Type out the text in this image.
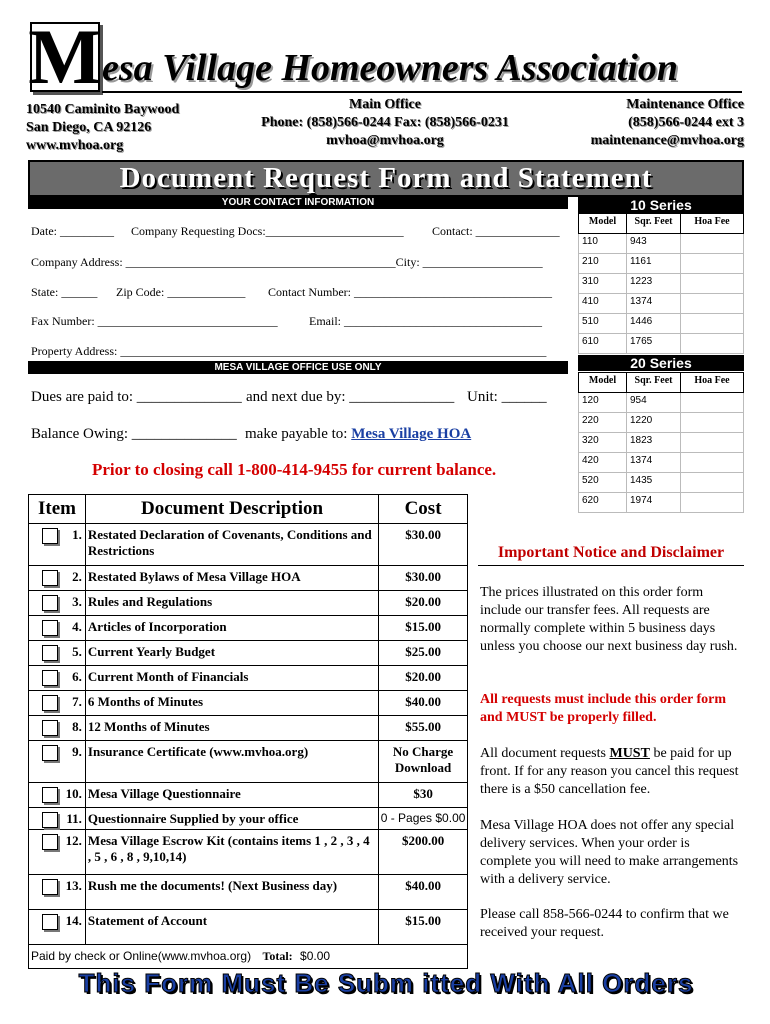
M esa Village Homeowners Association
10540 Caminito Baywood
San Diego, CA 92126
www.mvhoa.org
Main Office
Phone: (858)566-0244 Fax: (858)566-0231
mvhoa@mvhoa.org
Maintenance Office
(858)566-0244 ext 3
maintenance@mvhoa.org
Document Request Form and Statement
YOUR CONTACT INFORMATION
Date: _________ Company Requesting Docs:_______________________ Contact: ______________
Company Address: _____________________________________________City: ____________________
State: ______ Zip Code: _____________ Contact Number: _________________________________
Fax Number: ______________________________	Email: _________________________________
Property Address: _______________________________________________________________________
MESA VILLAGE OFFICE USE ONLY
Dues are paid to: ______________ and next due by: ______________ Unit: ______
Balance Owing: ______________ make payable to: Mesa Village HOA
Prior to closing call 1-800-414-9455 for current balance.
Item	Document Description	Cost

1.	Restated Declaration of Covenants, Conditions and Restrictions	$30.00

2.	Restated Bylaws of Mesa Village HOA	$30.00

3.	Rules and Regulations	$20.00

4.	Articles of Incorporation	$15.00

5.	Current Yearly Budget	$25.00

6.	Current Month of Financials	$20.00

7.	6 Months of Minutes	$40.00

8.	12 Months of Minutes	$55.00

9.	Insurance Certificate (www.mvhoa.org)	No Charge Download

10.	Mesa Village Questionnaire	$30

11.	Questionnaire Supplied by your office	0 - Pages $0.00

12.	Mesa Village Escrow Kit (contains items 1 , 2 , 3 , 4 , 5 , 6 , 8 , 9,10,14)	$200.00

13.	Rush me the documents! (Next Business day)	$40.00

14.	Statement of Account	$15.00
Paid by check or Online(www.mvhoa.org) Total: $0.00		
10 Series
Model	Sqr. Feet	Hoa Fee
110	943	
210	1161	
310	1223	
410	1374	
510	1446	
610	1765	
20 Series
Model	Sqr. Feet	Hoa Fee
120	954	
220	1220	
320	1823	
420	1374	
520	1435	
620	1974	
Important Notice and Disclaimer
The prices illustrated on this order form include our transfer fees. All requests are normally complete within 5 business days unless you choose our next business day rush.
All requests must include this order form and MUST be properly filled.
All document requests MUST be paid for up front. If for any reason you cancel this request there is a $50 cancellation fee.
Mesa Village HOA does not offer any special delivery services. When your order is complete you will need to make arrangements with a delivery service.
Please call 858-566-0244 to confirm that we received your request.
This Form Must Be Subm itted With All Orders
